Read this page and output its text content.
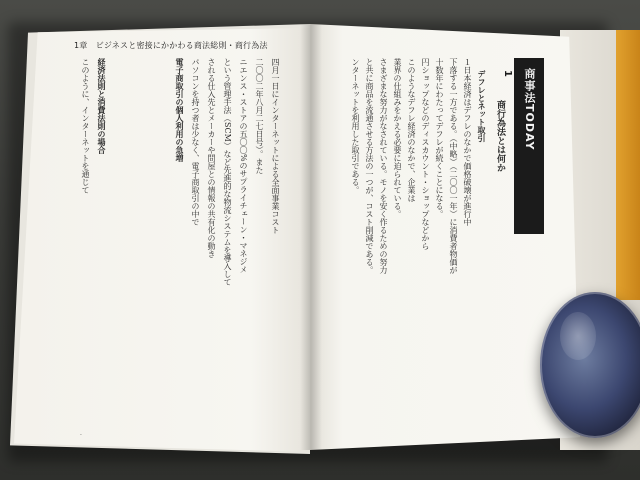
1章　ビジネスと密接にかかわる商法総則・商行為法
四月一日にインターネットによる全面事業コスト
二〇〇二年八月二七日号）。また
ニエンス・ストアの五〇〇%のサプライチェーン・マネジメ
という管理手法（SCM）など先進的な物流システムを導入して
される仕入先とメーカーや問屋との情報の共有化の動き
パソコンを持つ者は少なく、電子商取引の中で
電子商取引の個人利用の急増
経済法則と消費法則の場合
このように、インターネットを通じて
·
商行為法とは何か
デフレとネット取引
１日本経済はデフレのなかで価格破壊が進行中
下落する一方である。（中略）（二〇〇一年）に消費者物価が
十数年にわたってデフレが続くことになる。
円ショップなどのディスカウント・ショップなどから
このようなデフレ経済のなかで、企業は
業界の仕組みをかえる必要に迫られている。
さまざまな努力がなされている。モノを安く作るための努力
と共に商品を流通させる方法の一つが、コスト削減である。
ンターネットを利用した取引である。	商事法TODAY
1
